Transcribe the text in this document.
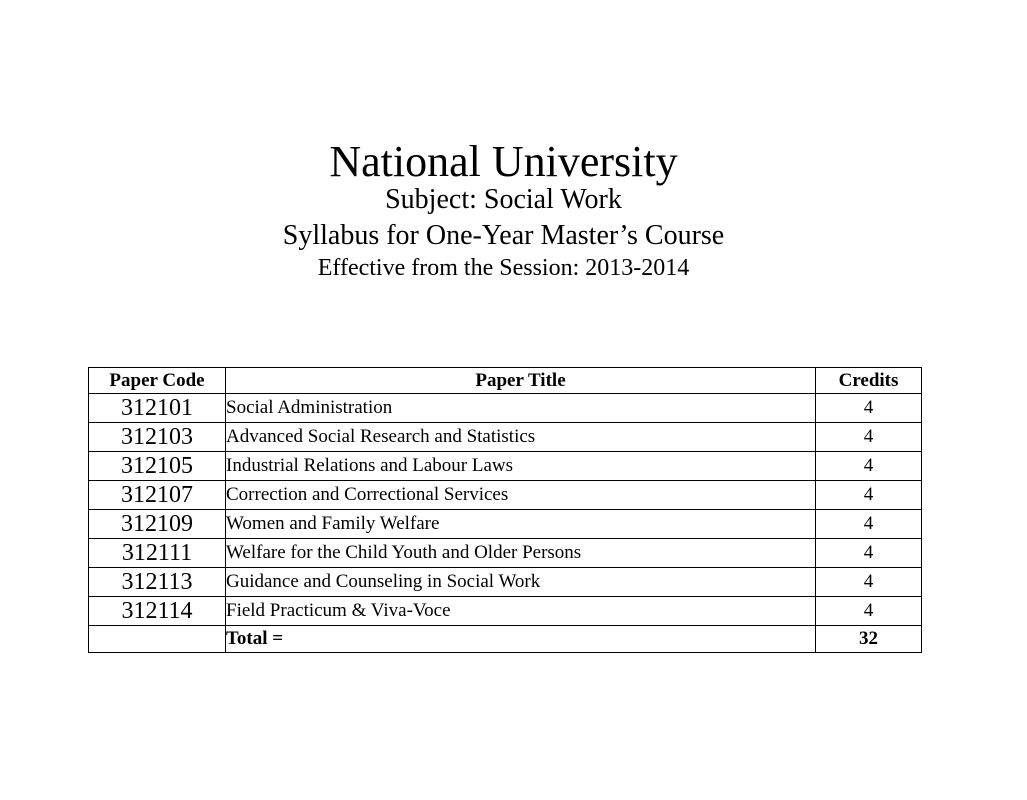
National University
Subject: Social Work
Syllabus for One-Year Master’s Course
Effective from the Session: 2013-2014
Paper Code	Paper Title	Credits
312101	Social Administration	4
312103	Advanced Social Research and Statistics	4
312105	Industrial Relations and Labour Laws	4
312107	Correction and Correctional Services	4
312109	Women and Family Welfare	4
312111	Welfare for the Child Youth and Older Persons	4
312113	Guidance and Counseling in Social Work	4
312114	Field Practicum & Viva-Voce	4
	Total =	32
